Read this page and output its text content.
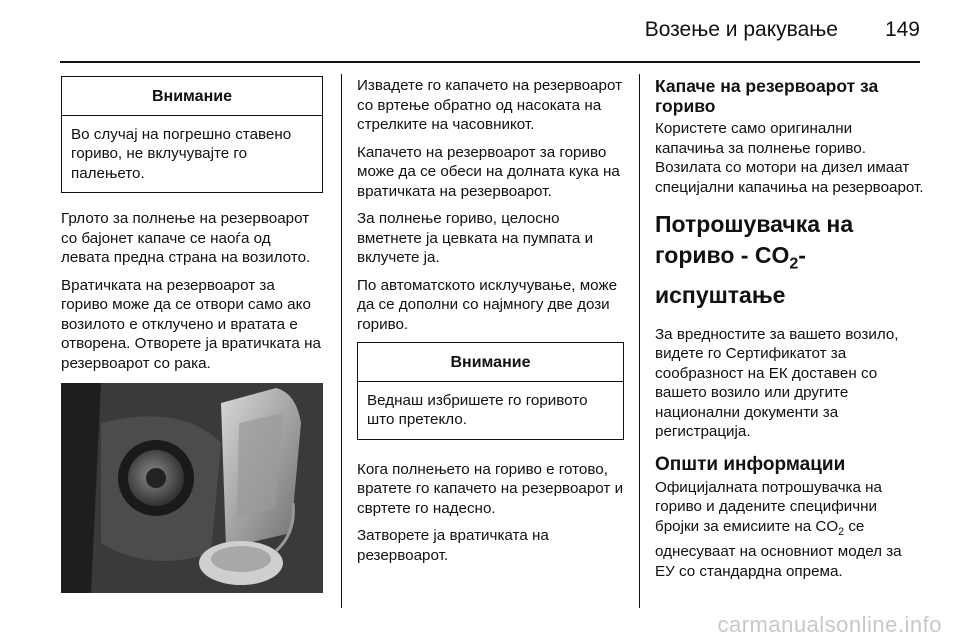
Возење и ракување 149
Внимание
Во случај на погрешно ставено гориво, не вклучувајте го палењето.

Грлото за полнење на резервоарот со бајонет капаче се наоѓа од левата предна страна на возилото.

Вратичката на резервоарот за гориво може да се отвори само ако возилото е отклучено и вратата е отворена. Отворете ја вратичката на резервоарот со рака.

Извадете го капачето на резервоарот со вртење обратно од насоката на стрелките на часовникот.

Капачето на резервоарот за гориво може да се обеси на долната кука на вратичката на резервоарот.

За полнење гориво, целосно вметнете ја цевката на пумпата и вклучете ја.

По автоматското исклучување, може да се дополни со најмногу две дози гориво.

Внимание
Веднаш избришете го горивото што претекло.

Кога полнењето на гориво е готово, вратете го капачето на резервоарот и свртете го надесно.

Затворете ја вратичката на резервоарот.

Капаче на резервоарот за гориво

Користете само оригинални капачиња за полнење гориво. Возилата со мотори на дизел имаат специјални капачиња на резервоарот.

Потрошувачка на гориво - $CO_2$-испуштање

За вредностите за вашето возило, видете го Сертификатот за сообразност на ЕК доставен со вашето возило или другите национални документи за регистрација.

Општи информации

Официјалната потрошувачка на гориво и дадените специфични бројки за емисиите на $CO_2$ се однесуваат на основниот модел за ЕУ со стандардна опрема.

carmanualsonline.info
